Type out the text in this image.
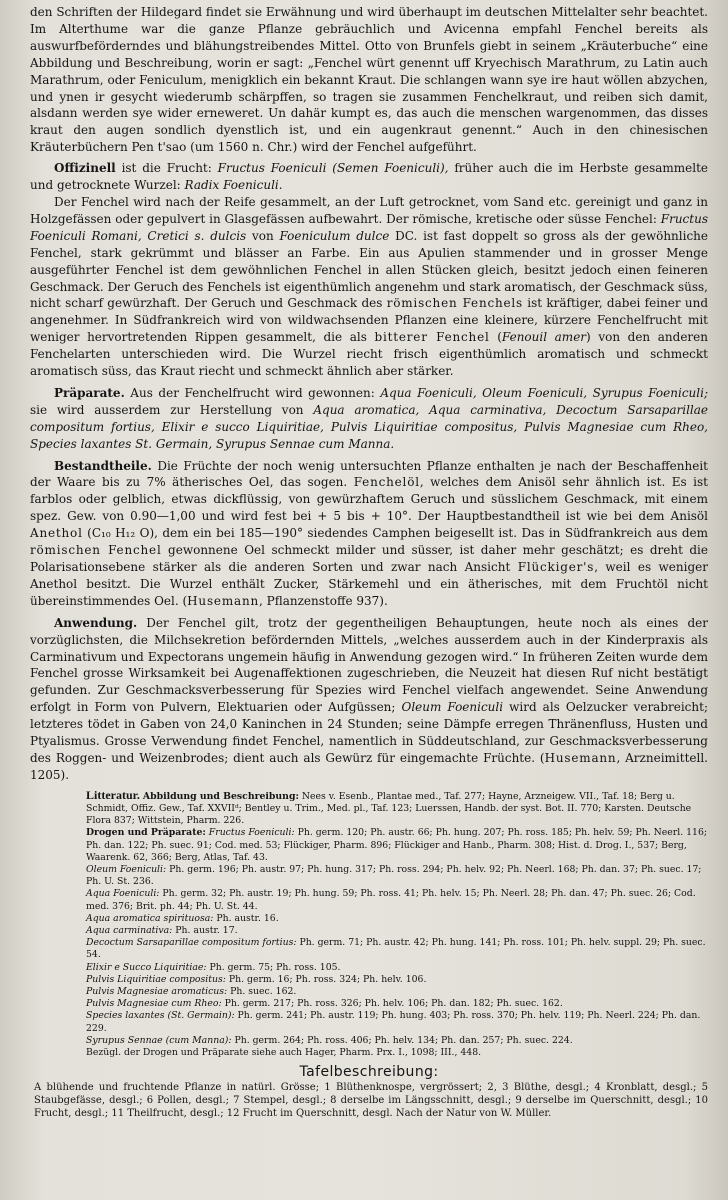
den Schriften der Hildegard findet sie Erwähnung und wird überhaupt im deutschen Mittelalter sehr beachtet. Im Alterthume war die ganze Pflanze gebräuchlich und Avicenna empfahl Fenchel bereits als auswurfbeförderndes und blähungstreibendes Mittel. Otto von Brunfels giebt in seinem „Kräuterbuche“ eine Abbildung und Beschreibung, worin er sagt: „Fenchel würt genennt uff Kryechisch Marathrum, zu Latin auch Marathrum, oder Feniculum, menigklich ein bekannt Kraut. Die schlangen wann sye ire haut wöllen abzychen, und ynen ir gesycht wiederumb schärpffen, so tragen sie zusammen Fenchelkraut, und reiben sich damit, alsdann werden sye wider erneweret. Un dahär kumpt es, das auch die menschen wargenommen, das disses kraut den augen sondlich dyenstlich ist, und ein augenkraut genennt.“ Auch in den chinesischen Kräuterbüchern Pen t'sao (um 1560 n. Chr.) wird der Fenchel aufgeführt.

Offizinell ist die Frucht: Fructus Foeniculi (Semen Foeniculi), früher auch die im Herbste gesammelte und getrocknete Wurzel: Radix Foeniculi.

Der Fenchel wird nach der Reife gesammelt, an der Luft getrocknet, vom Sand etc. gereinigt und ganz in Holzgefässen oder gepulvert in Glasgefässen aufbewahrt. Der römische, kretische oder süsse Fenchel: Fructus Foeniculi Romani, Cretici s. dulcis von Foeniculum dulce DC. ist fast doppelt so gross als der gewöhnliche Fenchel, stark gekrümmt und blässer an Farbe. Ein aus Apulien stammender und in grosser Menge ausgeführter Fenchel ist dem gewöhnlichen Fenchel in allen Stücken gleich, besitzt jedoch einen feineren Geschmack. Der Geruch des Fenchels ist eigenthümlich angenehm und stark aromatisch, der Geschmack süss, nicht scharf gewürzhaft. Der Geruch und Geschmack des römischen Fenchels ist kräftiger, dabei feiner und angenehmer. In Südfrankreich wird von wildwachsenden Pflanzen eine kleinere, kürzere Fenchelfrucht mit weniger hervortretenden Rippen gesammelt, die als bitterer Fenchel (Fenouil amer) von den anderen Fenchelarten unterschieden wird. Die Wurzel riecht frisch eigenthümlich aromatisch und schmeckt aromatisch süss, das Kraut riecht und schmeckt ähnlich aber stärker.

Präparate. Aus der Fenchelfrucht wird gewonnen: Aqua Foeniculi, Oleum Foeniculi, Syrupus Foeniculi; sie wird ausserdem zur Herstellung von Aqua aromatica, Aqua carminativa, Decoctum Sarsaparillae compositum fortius, Elixir e succo Liquiritiae, Pulvis Liquiritiae compositus, Pulvis Magnesiae cum Rheo, Species laxantes St. Germain, Syrupus Sennae cum Manna.

Bestandtheile. Die Früchte der noch wenig untersuchten Pflanze enthalten je nach der Beschaffenheit der Waare bis zu 7% ätherisches Oel, das sogen. Fenchelöl, welches dem Anisöl sehr ähnlich ist. Es ist farblos oder gelblich, etwas dickflüssig, von gewürzhaftem Geruch und süsslichem Geschmack, mit einem spez. Gew. von 0.90—1,00 und wird fest bei + 5 bis + 10°. Der Hauptbestandtheil ist wie bei dem Anisöl Anethol (C₁₀ H₁₂ O), dem ein bei 185—190° siedendes Camphen beigesellt ist. Das in Südfrankreich aus dem römischen Fenchel gewonnene Oel schmeckt milder und süsser, ist daher mehr geschätzt; es dreht die Polarisationsebene stärker als die anderen Sorten und zwar nach Ansicht Flückiger's, weil es weniger Anethol besitzt. Die Wurzel enthält Zucker, Stärkemehl und ein ätherisches, mit dem Fruchtöl nicht übereinstimmendes Oel. (Husemann, Pflanzenstoffe 937).

Anwendung. Der Fenchel gilt, trotz der gegentheiligen Behauptungen, heute noch als eines der vorzüglichsten, die Milchsekretion befördernden Mittels, „welches ausserdem auch in der Kinderpraxis als Carminativum und Expectorans ungemein häufig in Anwendung gezogen wird.“ In früheren Zeiten wurde dem Fenchel grosse Wirksamkeit bei Augenaffektionen zugeschrieben, die Neuzeit hat diesen Ruf nicht bestätigt gefunden. Zur Geschmacksverbesserung für Spezies wird Fenchel vielfach angewendet. Seine Anwendung erfolgt in Form von Pulvern, Elektuarien oder Aufgüssen; Oleum Foeniculi wird als Oelzucker verabreicht; letzteres tödet in Gaben von 24,0 Kaninchen in 24 Stunden; seine Dämpfe erregen Thränenfluss, Husten und Ptyalismus. Grosse Verwendung findet Fenchel, namentlich in Süddeutschland, zur Geschmacksverbesserung des Roggen- und Weizenbrodes; dient auch als Gewürz für eingemachte Früchte. (Husemann, Arzneimittell. 1205).

Litteratur. Abbildung und Beschreibung: Nees v. Esenb., Plantae med., Taf. 277; Hayne, Arzneigew. VII., Taf. 18; Berg u. Schmidt, Offiz. Gew., Taf. XXVIIᵈ; Bentley u. Trim., Med. pl., Taf. 123; Luerssen, Handb. der syst. Bot. II. 770; Karsten. Deutsche Flora 837; Wittstein, Pharm. 226.

Drogen und Präparate: Fructus Foeniculi: Ph. germ. 120; Ph. austr. 66; Ph. hung. 207; Ph. ross. 185; Ph. helv. 59; Ph. Neerl. 116; Ph. dan. 122; Ph. suec. 91; Cod. med. 53; Flückiger, Pharm. 896; Flückiger and Hanb., Pharm. 308; Hist. d. Drog. I., 537; Berg, Waarenk. 62, 366; Berg, Atlas, Taf. 43.

Oleum Foeniculi: Ph. germ. 196; Ph. austr. 97; Ph. hung. 317; Ph. ross. 294; Ph. helv. 92; Ph. Neerl. 168; Ph. dan. 37; Ph. suec. 17; Ph. U. St. 236.

Aqua Foeniculi: Ph. germ. 32; Ph. austr. 19; Ph. hung. 59; Ph. ross. 41; Ph. helv. 15; Ph. Neerl. 28; Ph. dan. 47; Ph. suec. 26; Cod. med. 376; Brit. ph. 44; Ph. U. St. 44.

Aqua aromatica spirituosa: Ph. austr. 16.

Aqua carminativa: Ph. austr. 17.

Decoctum Sarsaparillae compositum fortius: Ph. germ. 71; Ph. austr. 42; Ph. hung. 141; Ph. ross. 101; Ph. helv. suppl. 29; Ph. suec. 54.

Elixir e Succo Liquiritiae: Ph. germ. 75; Ph. ross. 105.

Pulvis Liquiritiae compositus: Ph. germ. 16; Ph. ross. 324; Ph. helv. 106.

Pulvis Magnesiae aromaticus: Ph. suec. 162.

Pulvis Magnesiae cum Rheo: Ph. germ. 217; Ph. ross. 326; Ph. helv. 106; Ph. dan. 182; Ph. suec. 162.

Species laxantes (St. Germain): Ph. germ. 241; Ph. austr. 119; Ph. hung. 403; Ph. ross. 370; Ph. helv. 119; Ph. Neerl. 224; Ph. dan. 229.

Syrupus Sennae (cum Manna): Ph. germ. 264; Ph. ross. 406; Ph. helv. 134; Ph. dan. 257; Ph. suec. 224.

Bezügl. der Drogen und Präparate siehe auch Hager, Pharm. Prx. I., 1098; III., 448.

Tafelbeschreibung:

A blühende und fruchtende Pflanze in natürl. Grösse; 1 Blüthenknospe, vergrössert; 2, 3 Blüthe, desgl.; 4 Kronblatt, desgl.; 5 Staubgefässe, desgl.; 6 Pollen, desgl.; 7 Stempel, desgl.; 8 derselbe im Längsschnitt, desgl.; 9 derselbe im Querschnitt, desgl.; 10 Frucht, desgl.; 11 Theilfrucht, desgl.; 12 Frucht im Querschnitt, desgl. Nach der Natur von W. Müller.
